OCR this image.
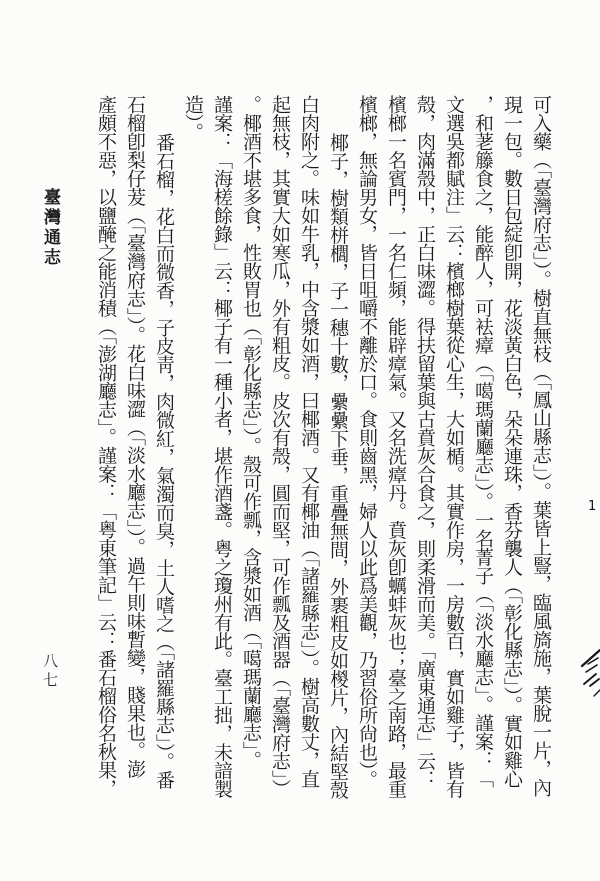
可入藥（「臺灣府志」）。樹直無枝（「鳳山縣志」）。葉皆上豎，臨風旖施，葉脫一片，內
現一包。數日包綻卽開，花淡黃白色，朵朵連珠，香芬襲人（「彰化縣志」）。實如雞心
，和荖籐食之，能醉人，可袪瘴（「噶瑪蘭廳志」）。一名菁子（「淡水廳志」。謹案：「
文選吳都賦注」云：檳榔樹葉從心生，大如楯。其實作房，一房數百，實如雞子，皆有
殼，肉滿殼中，正白味澀。得扶留葉與古賁灰合食之，則柔滑而美。「廣東通志」云：
檳榔一名賓門，一名仁頻，能辟瘴氣。又名洗瘴丹。賁灰卽蠣蚌灰也；臺之南路，最重
檳榔，無論男女，皆日咀嚼不離於口。食則齒黑，婦人以此爲美觀，乃習俗所尙也）。
椰子，樹類栟櫚，子一穗十數，纍纍下垂，重疊無間，外裹粗皮如椶片，內結堅殼
白肉附之。味如牛乳，中含漿如酒，曰椰酒。又有椰油（「諸羅縣志」）。樹高數丈，直
起無枝，其實大如寒瓜，外有粗皮。皮次有殼，圓而堅，可作瓢及酒器（「臺灣府志」）
。椰酒不堪多食，性敗胃也（「彰化縣志」）。殼可作瓢，含漿如酒（「噶瑪蘭廳志」。
謹案：「海槎餘錄」云：椰子有一種小者，堪作酒盞。粤之瓊州有此。臺工拙，未諳製
造）。
番石榴，花白而微香，子皮靑，肉微紅，氣濁而臭，土人嗜之（「諸羅縣志」）。番
石榴卽梨仔茇（「臺灣府志」）。花白味澀（「淡水廳志」）。過午則味暫變，賤果也。澎
產頗不惡，以鹽醃之能消積（「澎湖廳志」。謹案：「粤東筆記」云：番石榴俗名秋果，
臺灣通志
八七
1
